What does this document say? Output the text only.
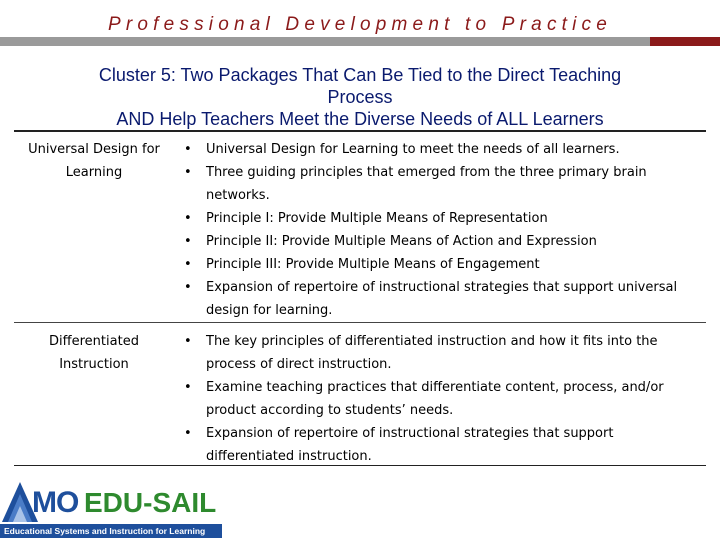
Professional Development to Practice
Cluster 5: Two Packages That Can Be Tied to the Direct Teaching
Process
AND Help Teachers Meet the Diverse Needs of ALL Learners
Universal Design for Learning
• Universal Design for Learning to meet the needs of all learners.
• Three guiding principles that emerged from the three primary brain networks.
• Principle I: Provide Multiple Means of Representation
• Principle II: Provide Multiple Means of Action and Expression
• Principle III: Provide Multiple Means of Engagement
• Expansion of repertoire of instructional strategies that support universal design for learning.
Differentiated Instruction
• The key principles of differentiated instruction and how it fits into the process of direct instruction.
• Examine teaching practices that differentiate content, process, and/or product according to students’ needs.
• Expansion of repertoire of instructional strategies that support differentiated instruction.
MO EDU-SAIL
Educational Systems and Instruction for Learning
